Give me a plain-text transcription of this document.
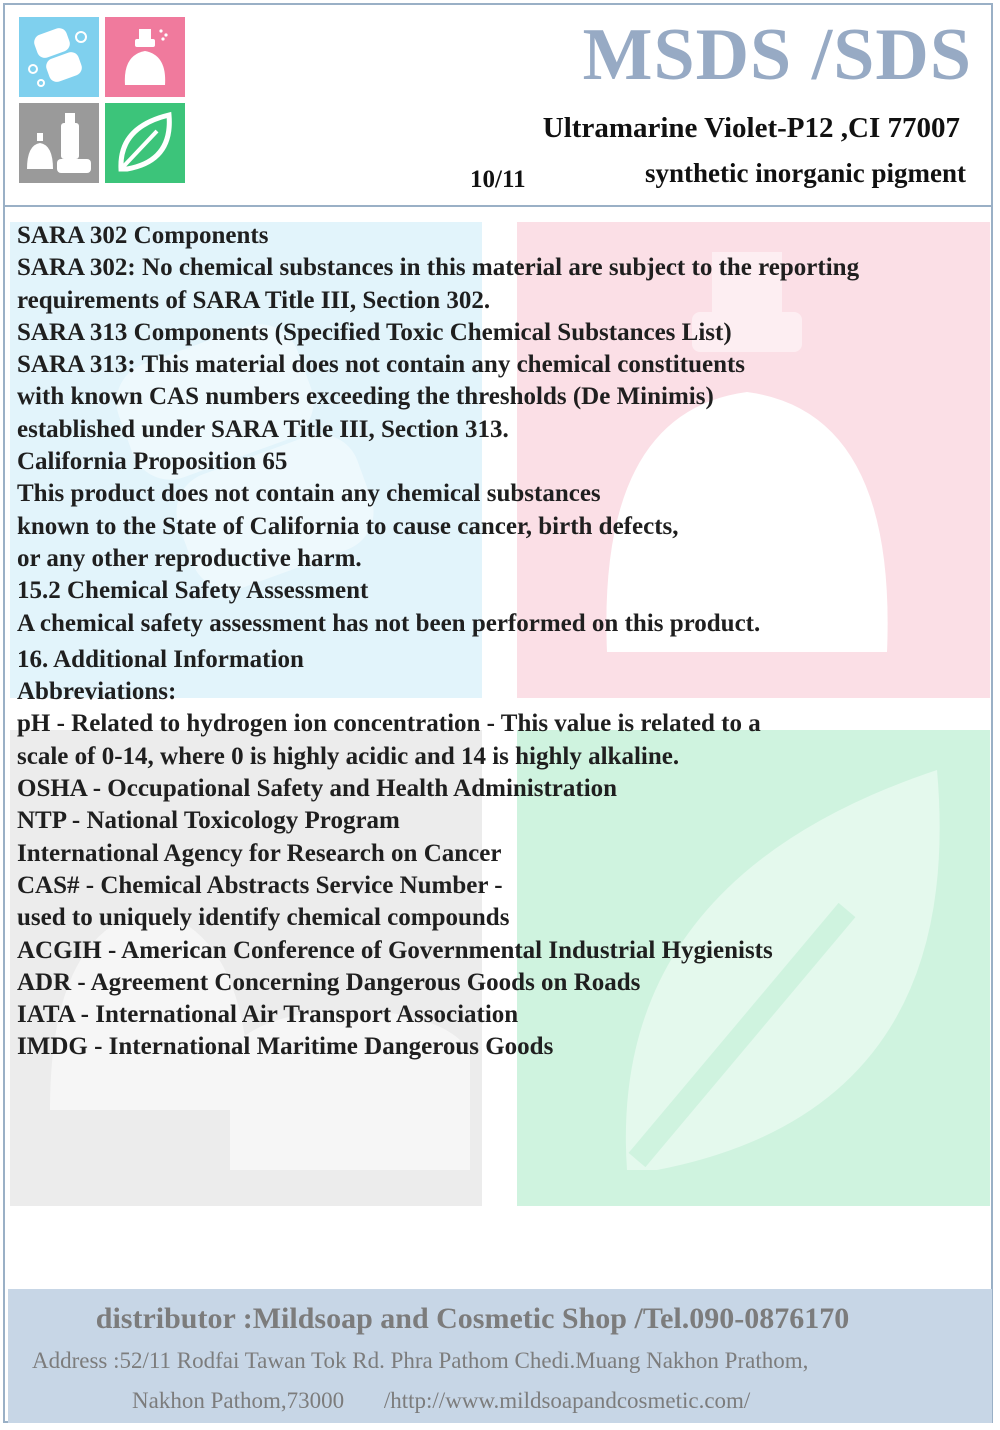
MSDS /SDS
Ultramarine Violet-P12 ,CI 77007
10/11	synthetic inorganic pigment
SARA 302 Components
SARA 302: No chemical substances in this material are subject to the reporting
requirements of SARA Title III, Section 302.
SARA 313 Components (Specified Toxic Chemical Substances List)
SARA 313: This material does not contain any chemical constituents
with known CAS numbers exceeding the thresholds (De Minimis)
established under SARA Title III, Section 313.
California Proposition 65
This product does not contain any chemical substances
known to the State of California to cause cancer, birth defects,
or any other reproductive harm.
15.2 Chemical Safety Assessment
A chemical safety assessment has not been performed on this product.
16. Additional Information
Abbreviations:
pH - Related to hydrogen ion concentration - This value is related to a
scale of 0-14, where 0 is highly acidic and 14 is highly alkaline.
OSHA - Occupational Safety and Health Administration
NTP - National Toxicology Program
International Agency for Research on Cancer
CAS# - Chemical Abstracts Service Number -
used to uniquely identify chemical compounds
ACGIH - American Conference of Governmental Industrial Hygienists
ADR - Agreement Concerning Dangerous Goods on Roads
IATA - International Air Transport Association
IMDG - International Maritime Dangerous Goods
distributor :Mildsoap and Cosmetic Shop /Tel.090-0876170
Address :52/11 Rodfai Tawan Tok Rd. Phra Pathom Chedi.Muang Nakhon Prathom,
Nakhon Pathom,73000 /http://www.mildsoapandcosmetic.com/
